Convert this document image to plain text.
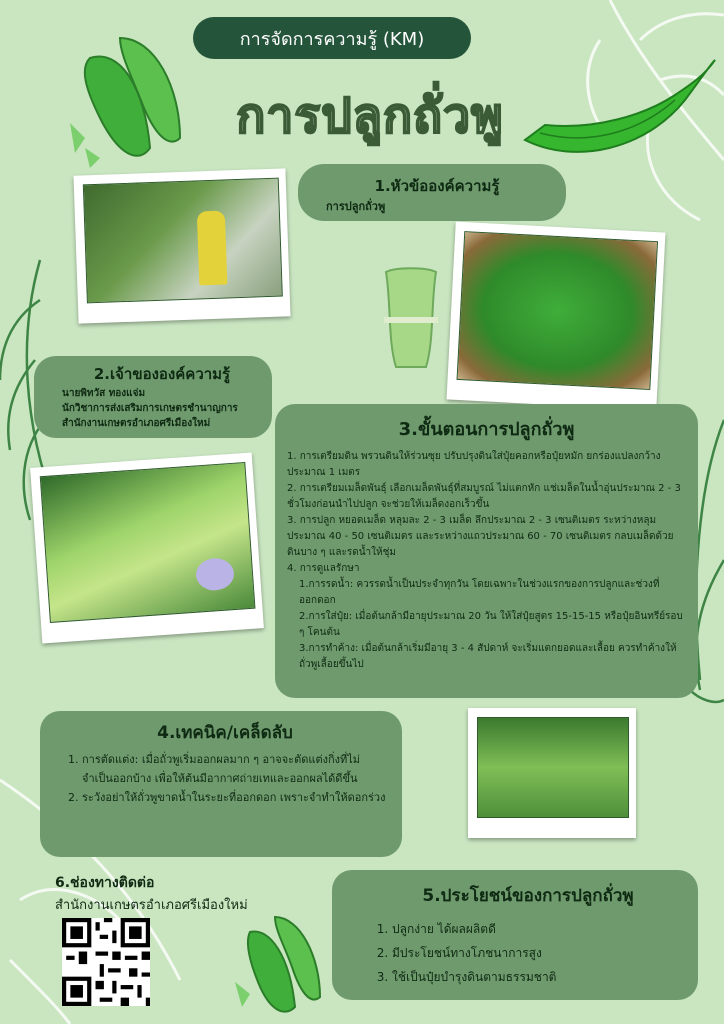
การจัดการความรู้ (KM)
การปลูกถั่วพู
1.หัวข้อองค์ความรู้
การปลูกถั่วพู
2.เจ้าขององค์ความรู้
นายพิทวัส ทองแจ่ม
นักวิชาการส่งเสริมการเกษตรชำนาญการ
สำนักงานเกษตรอำเภอศรีเมืองใหม่	3.ขั้นตอนการปลูกถั่วพู
1. การเตรียมดิน พรวนดินให้ร่วนซุย ปรับปรุงดินใส่ปุ๋ยคอกหรือปุ๋ยหมัก ยกร่องแปลงกว้างประมาณ 1 เมตร
2. การเตรียมเมล็ดพันธุ์ เลือกเมล็ดพันธุ์ที่สมบูรณ์ ไม่แตกหัก แช่เมล็ดในน้ำอุ่นประมาณ 2 - 3 ชั่วโมงก่อนนำไปปลูก จะช่วยให้เมล็ดงอกเร็วขึ้น
3. การปลูก หยอดเมล็ด หลุมละ 2 - 3 เมล็ด ลึกประมาณ 2 - 3 เซนติเมตร ระหว่างหลุมประมาณ 40 - 50 เซนติเมตร และระหว่างแถวประมาณ 60 - 70 เซนติเมตร กลบเมล็ดด้วยดินบาง ๆ และรดน้ำให้ชุ่ม
4. การดูแลรักษา
1.การรดน้ำ: ควรรดน้ำเป็นประจำทุกวัน โดยเฉพาะในช่วงแรกของการปลูกและช่วงที่ออกดอก
2.การใส่ปุ๋ย: เมื่อต้นกล้ามีอายุประมาณ 20 วัน ให้ใส่ปุ๋ยสูตร 15-15-15 หรือปุ๋ยอินทรีย์รอบ ๆ โคนต้น
3.การทำค้าง: เมื่อต้นกล้าเริ่มมีอายุ 3 - 4 สัปดาห์ จะเริ่มแตกยอดและเลื้อย ควรทำค้างให้ถั่วพูเลื้อยขึ้นไป
4.เทคนิค/เคล็ดลับ
1. การตัดแต่ง: เมื่อถั่วพูเริ่มออกผลมาก ๆ อาจจะตัดแต่งกิ่งที่ไม่จำเป็นออกบ้าง เพื่อให้ต้นมีอากาศถ่ายเทและออกผลได้ดีขึ้น
2. ระวังอย่าให้ถั่วพูขาดน้ำในระยะที่ออกดอก เพราะจำทำให้ดอกร่วง
6.ช่องทางติดต่อ
สำนักงานเกษตรอำเภอศรีเมืองใหม่	5.ประโยชน์ของการปลูกถั่วพู
1. ปลูกง่าย ได้ผลผลิตดี
2. มีประโยชน์ทางโภชนาการสูง
3. ใช้เป็นปุ๋ยบำรุงดินตามธรรมชาติ
